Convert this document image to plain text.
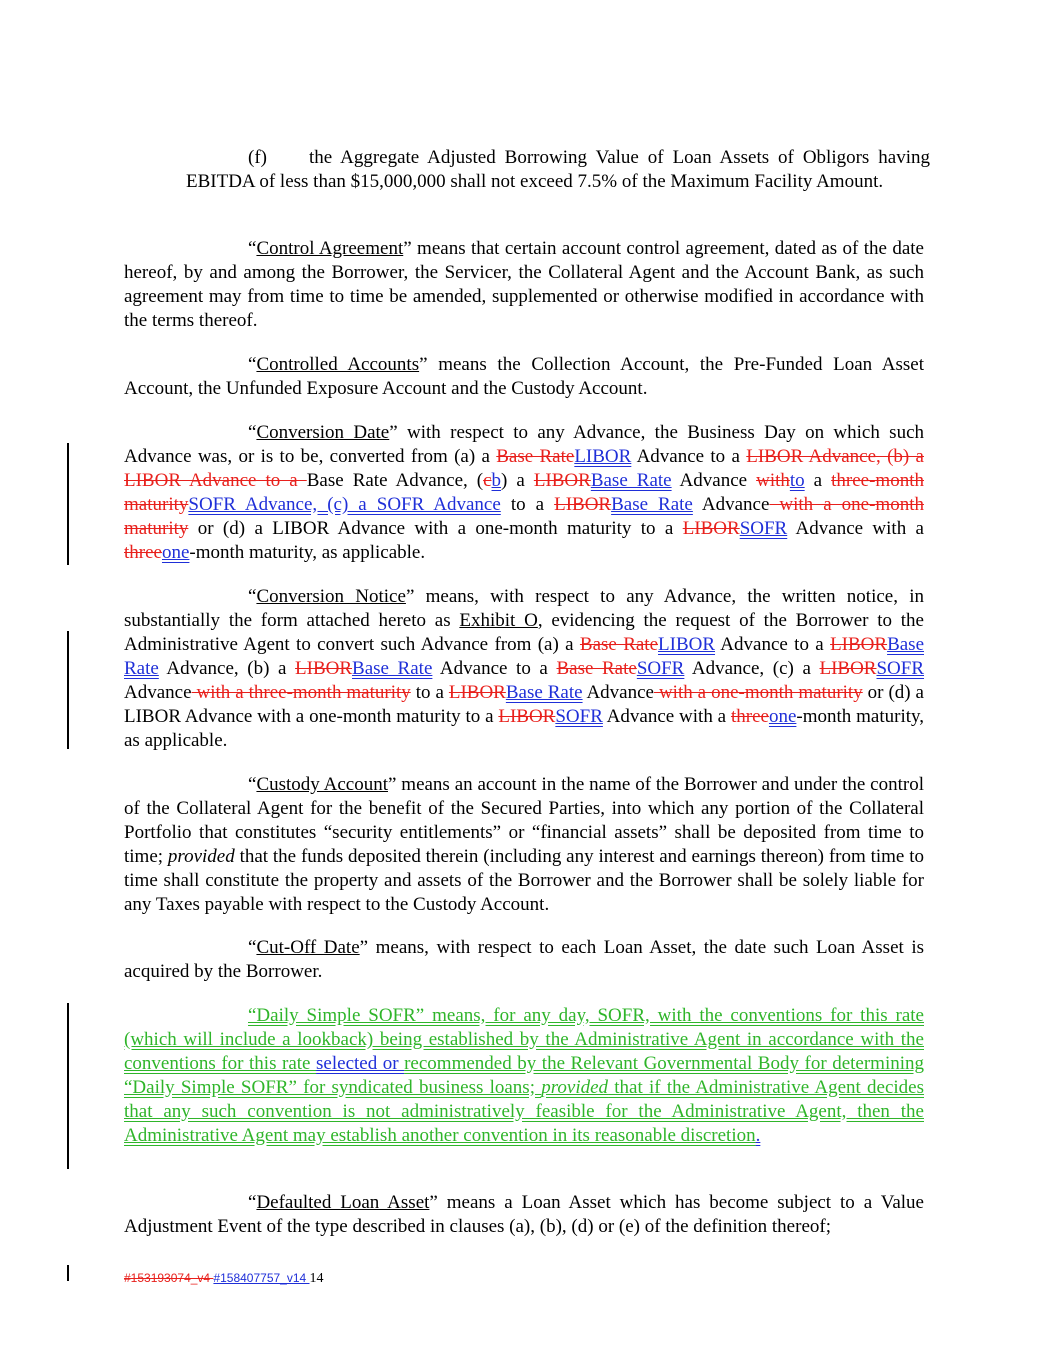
(f) the Aggregate Adjusted Borrowing Value of Loan Assets of Obligors having EBITDA of less than $15,000,000 shall not exceed 7.5% of the Maximum Facility Amount.
“Control Agreement” means that certain account control agreement, dated as of the date hereof, by and among the Borrower, the Servicer, the Collateral Agent and the Account Bank, as such agreement may from time to time be amended, supplemented or otherwise modified in accordance with the terms thereof.
“Controlled Accounts” means the Collection Account, the Pre-Funded Loan Asset Account, the Unfunded Exposure Account and the Custody Account.
“Conversion Date” with respect to any Advance, the Business Day on which such Advance was, or is to be, converted from (a) a Base RateLIBOR Advance to a LIBOR Advance, (b) a LIBOR Advance to a Base Rate Advance, (cb) a LIBORBase Rate Advance withto a three-month maturitySOFR Advance, (c) a SOFR Advance to a LIBORBase Rate Advance with a one-month maturity or (d) a LIBOR Advance with a one-month maturity to a LIBORSOFR Advance with a threeone-month maturity, as applicable.
“Conversion Notice” means, with respect to any Advance, the written notice, in substantially the form attached hereto as Exhibit O, evidencing the request of the Borrower to the Administrative Agent to convert such Advance from (a) a Base RateLIBOR Advance to a LIBORBase Rate Advance, (b) a LIBORBase Rate Advance to a Base RateSOFR Advance, (c) a LIBORSOFR Advance with a three-month maturity to a LIBORBase Rate Advance with a one-month maturity or (d) a LIBOR Advance with a one-month maturity to a LIBORSOFR Advance with a threeone-month maturity, as applicable.
“Custody Account” means an account in the name of the Borrower and under the control of the Collateral Agent for the benefit of the Secured Parties, into which any portion of the Collateral Portfolio that constitutes “security entitlements” or “financial assets” shall be deposited from time to time; provided that the funds deposited therein (including any interest and earnings thereon) from time to time shall constitute the property and assets of the Borrower and the Borrower shall be solely liable for any Taxes payable with respect to the Custody Account.
“Cut-Off Date” means, with respect to each Loan Asset, the date such Loan Asset is acquired by the Borrower.
“Daily Simple SOFR” means, for any day, SOFR, with the conventions for this rate (which will include a lookback) being established by the Administrative Agent in accordance with the conventions for this rate selected or recommended by the Relevant Governmental Body for determining “Daily Simple SOFR” for syndicated business loans; provided that if the Administrative Agent decides that any such convention is not administratively feasible for the Administrative Agent, then the Administrative Agent may establish another convention in its reasonable discretion.
“Defaulted Loan Asset” means a Loan Asset which has become subject to a Value Adjustment Event of the type described in clauses (a), (b), (d) or (e) of the definition thereof;
#153193074_v4 #158407757_v14 14
